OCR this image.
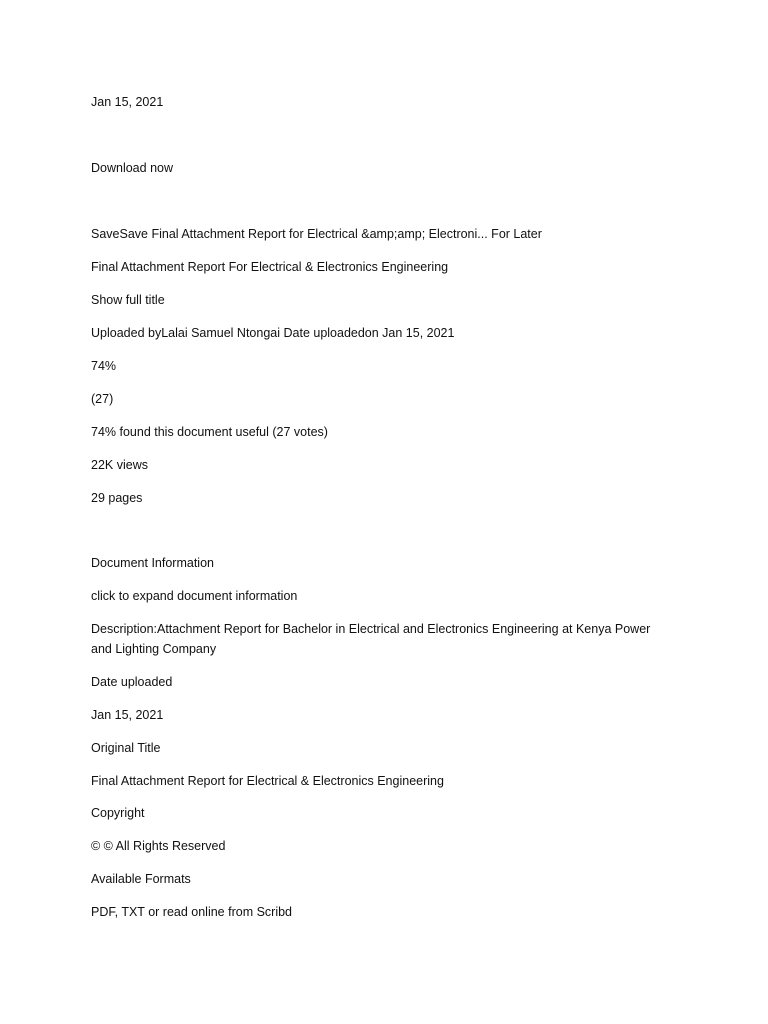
Jan 15, 2021

Download now

SaveSave Final Attachment Report for Electrical &amp;amp; Electroni... For Later

Final Attachment Report For Electrical & Electronics Engineering

Show full title

Uploaded byLalai Samuel Ntongai Date uploadedon Jan 15, 2021

74%

(27)

74% found this document useful (27 votes)

22K views

29 pages

Document Information

click to expand document information

Description:Attachment Report for Bachelor in Electrical and Electronics Engineering at Kenya Power and Lighting Company

Date uploaded

Jan 15, 2021

Original Title

Final Attachment Report for Electrical & Electronics Engineering

Copyright

© © All Rights Reserved

Available Formats

PDF, TXT or read online from Scribd
